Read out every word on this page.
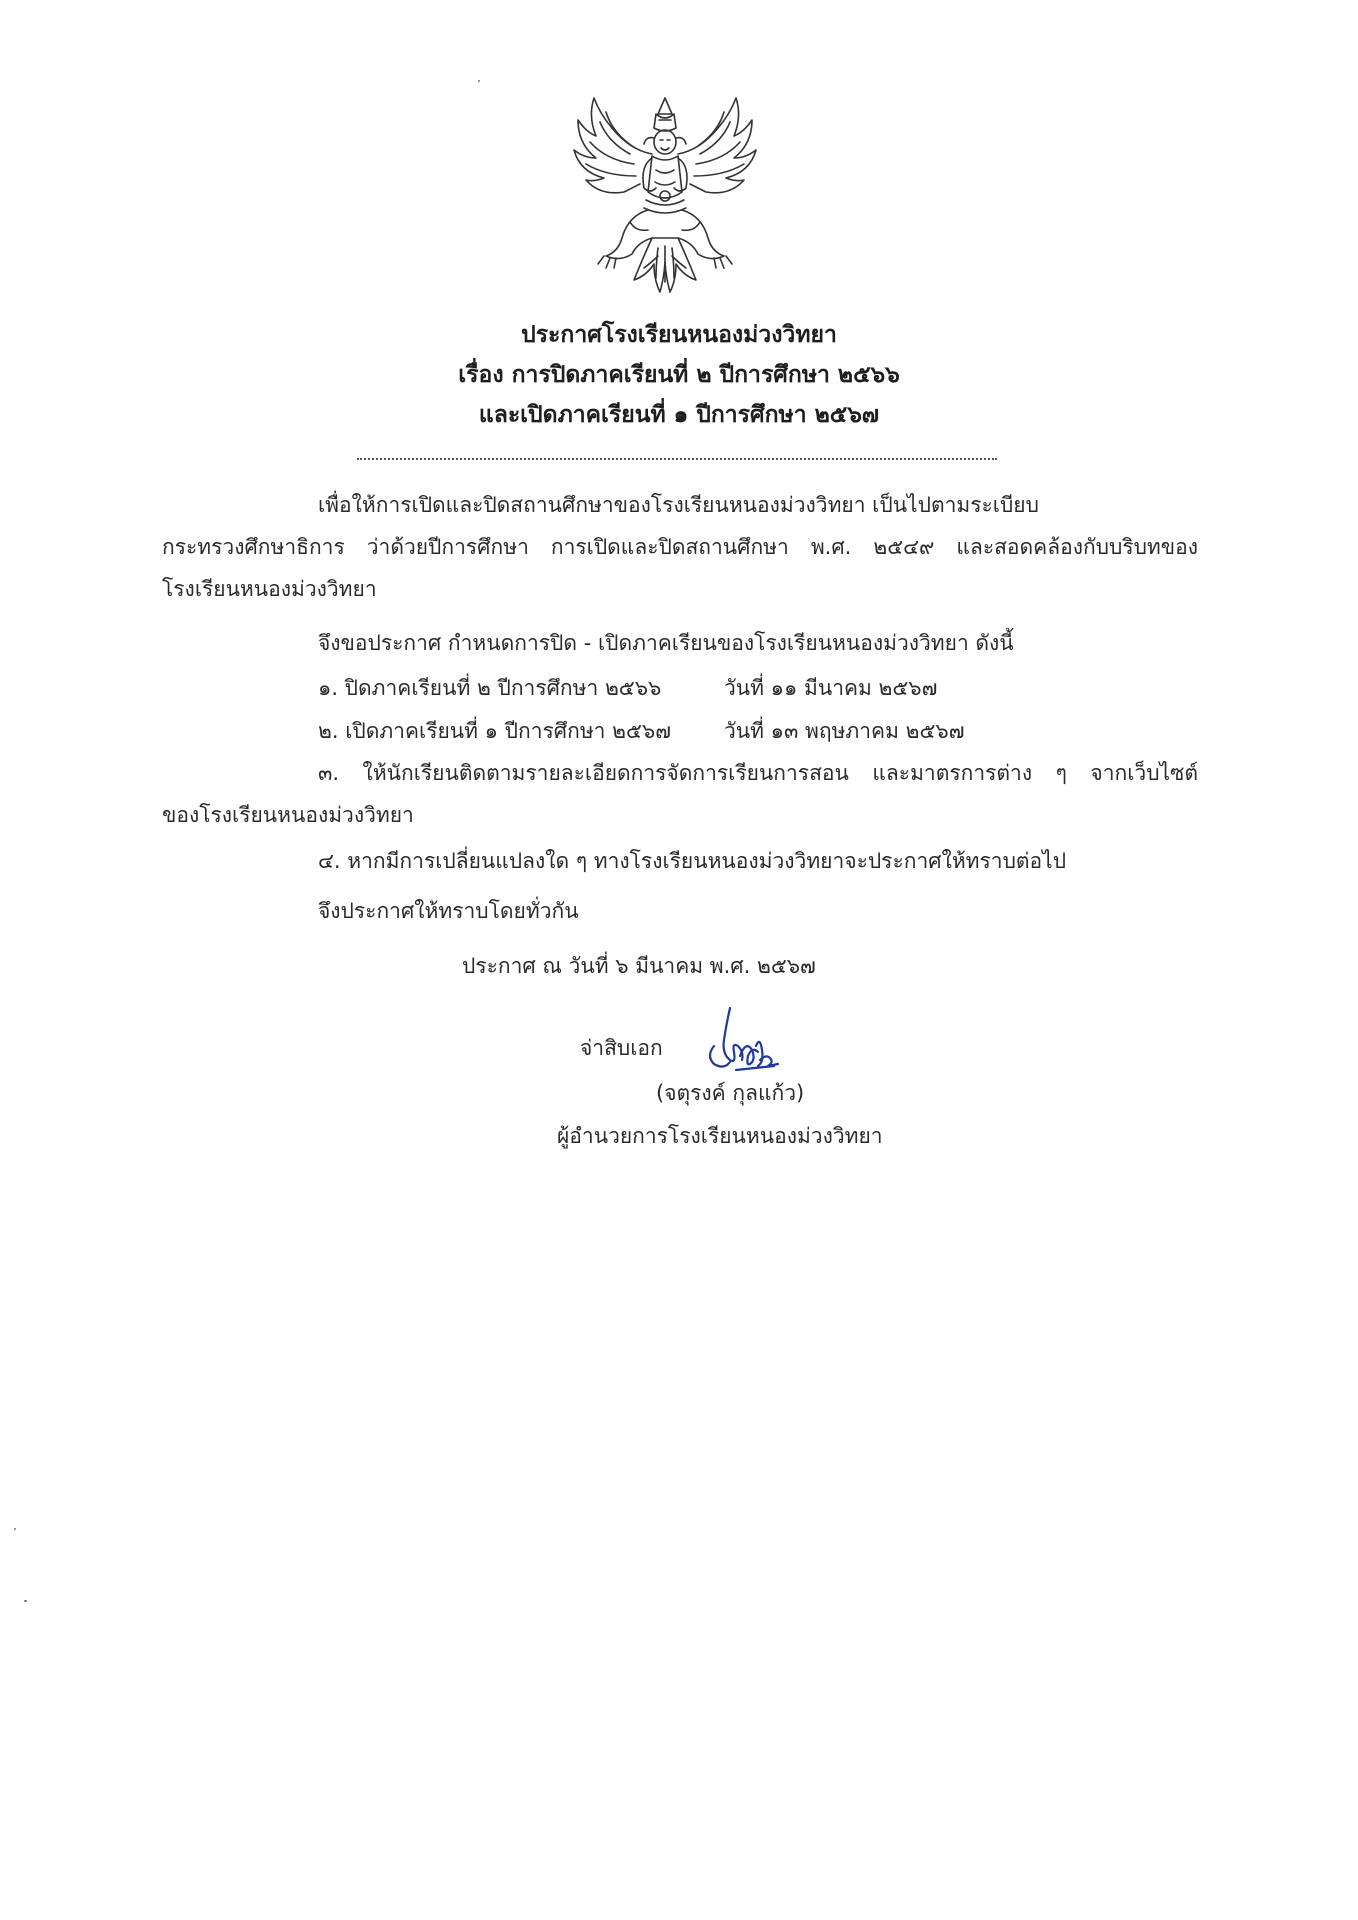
ประกาศโรงเรียนหนองม่วงวิทยา
เรื่อง การปิดภาคเรียนที่ ๒ ปีการศึกษา ๒๕๖๖
และเปิดภาคเรียนที่ ๑ ปีการศึกษา ๒๕๖๗
เพื่อให้การเปิดและปิดสถานศึกษาของโรงเรียนหนองม่วงวิทยา เป็นไปตามระเบียบ
กระทรวงศึกษาธิการ ว่าด้วยปีการศึกษา การเปิดและปิดสถานศึกษา พ.ศ. ๒๕๔๙ และสอดคล้องกับบริบทของ
โรงเรียนหนองม่วงวิทยา
จึงขอประกาศ กำหนดการปิด - เปิดภาคเรียนของโรงเรียนหนองม่วงวิทยา ดังนี้
๑. ปิดภาคเรียนที่ ๒ ปีการศึกษา ๒๕๖๖	วันที่ ๑๑ มีนาคม ๒๕๖๗
๒. เปิดภาคเรียนที่ ๑ ปีการศึกษา ๒๕๖๗	วันที่ ๑๓ พฤษภาคม ๒๕๖๗
๓. ให้นักเรียนติดตามรายละเอียดการจัดการเรียนการสอน และมาตรการต่าง ๆ จากเว็บไซต์
ของโรงเรียนหนองม่วงวิทยา
๔. หากมีการเปลี่ยนแปลงใด ๆ ทางโรงเรียนหนองม่วงวิทยาจะประกาศให้ทราบต่อไป
จึงประกาศให้ทราบโดยทั่วกัน
ประกาศ ณ วันที่ ๖ มีนาคม พ.ศ. ๒๕๖๗
จ่าสิบเอก
(จตุรงค์ กุลแก้ว)
ผู้อำนวยการโรงเรียนหนองม่วงวิทยา
